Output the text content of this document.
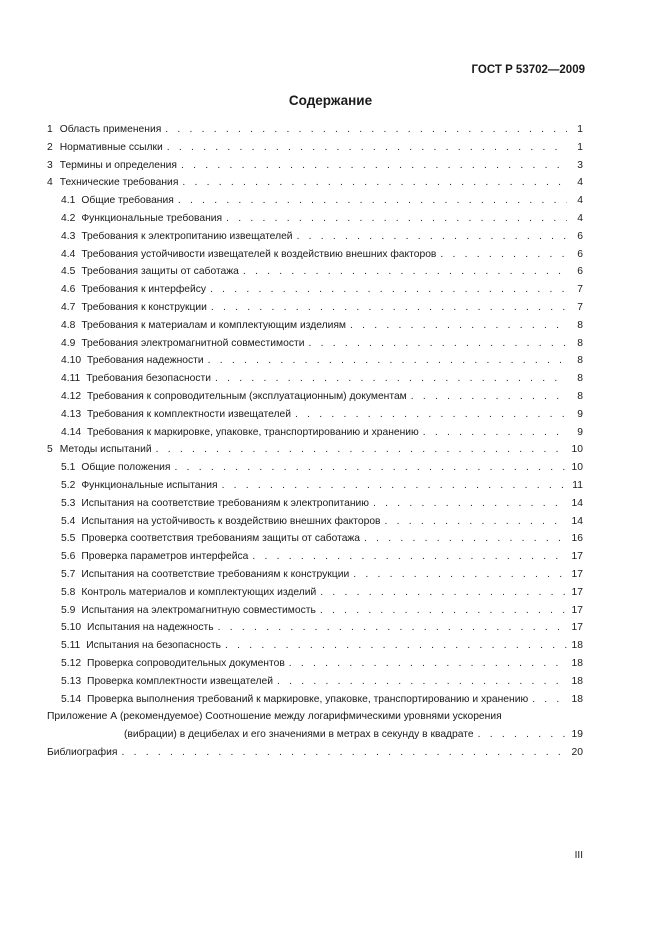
ГОСТ Р 53702—2009
Содержание
1 Область применения . . .	1
2 Нормативные ссылки . . .	1
3 Термины и определения . . .	3
4 Технические требования . . .	4
4.1 Общие требования . . .	4
4.2 Функциональные требования . . .	4
4.3 Требования к электропитанию извещателей . . .	6
4.4 Требования устойчивости извещателей к воздействию внешних факторов . . .	6
4.5 Требования защиты от саботажа . . .	6
4.6 Требования к интерфейсу . . .	7
4.7 Требования к конструкции . . .	7
4.8 Требования к материалам и комплектующим изделиям . . .	8
4.9 Требования электромагнитной совместимости . . .	8
4.10 Требования надежности . . .	8
4.11 Требования безопасности . . .	8
4.12 Требования к сопроводительным (эксплуатационным) документам . . .	8
4.13 Требования к комплектности извещателей . . .	9
4.14 Требования к маркировке, упаковке, транспортированию и хранению . . .	9
5 Методы испытаний . . .	10
5.1 Общие положения . . .	10
5.2 Функциональные испытания . . .	11
5.3 Испытания на соответствие требованиям к электропитанию . . .	14
5.4 Испытания на устойчивость к воздействию внешних факторов . . .	14
5.5 Проверка соответствия требованиям защиты от саботажа . . .	16
5.6 Проверка параметров интерфейса . . .	17
5.7 Испытания на соответствие требованиям к конструкции . . .	17
5.8 Контроль материалов и комплектующих изделий . . .	17
5.9 Испытания на электромагнитную совместимость . . .	17
5.10 Испытания на надежность . . .	17
5.11 Испытания на безопасность . . .	18
5.12 Проверка сопроводительных документов . . .	18
5.13 Проверка комплектности извещателей . . .	18
5.14 Проверка выполнения требований к маркировке, упаковке, транспортированию и хранению . . .	18
Приложение А (рекомендуемое) Соотношение между логарифмическими уровнями ускорения
(вибрации) в децибелах и его значениями в метрах в секунду в квадрате . . .	19
Библиография . . .	20
III
